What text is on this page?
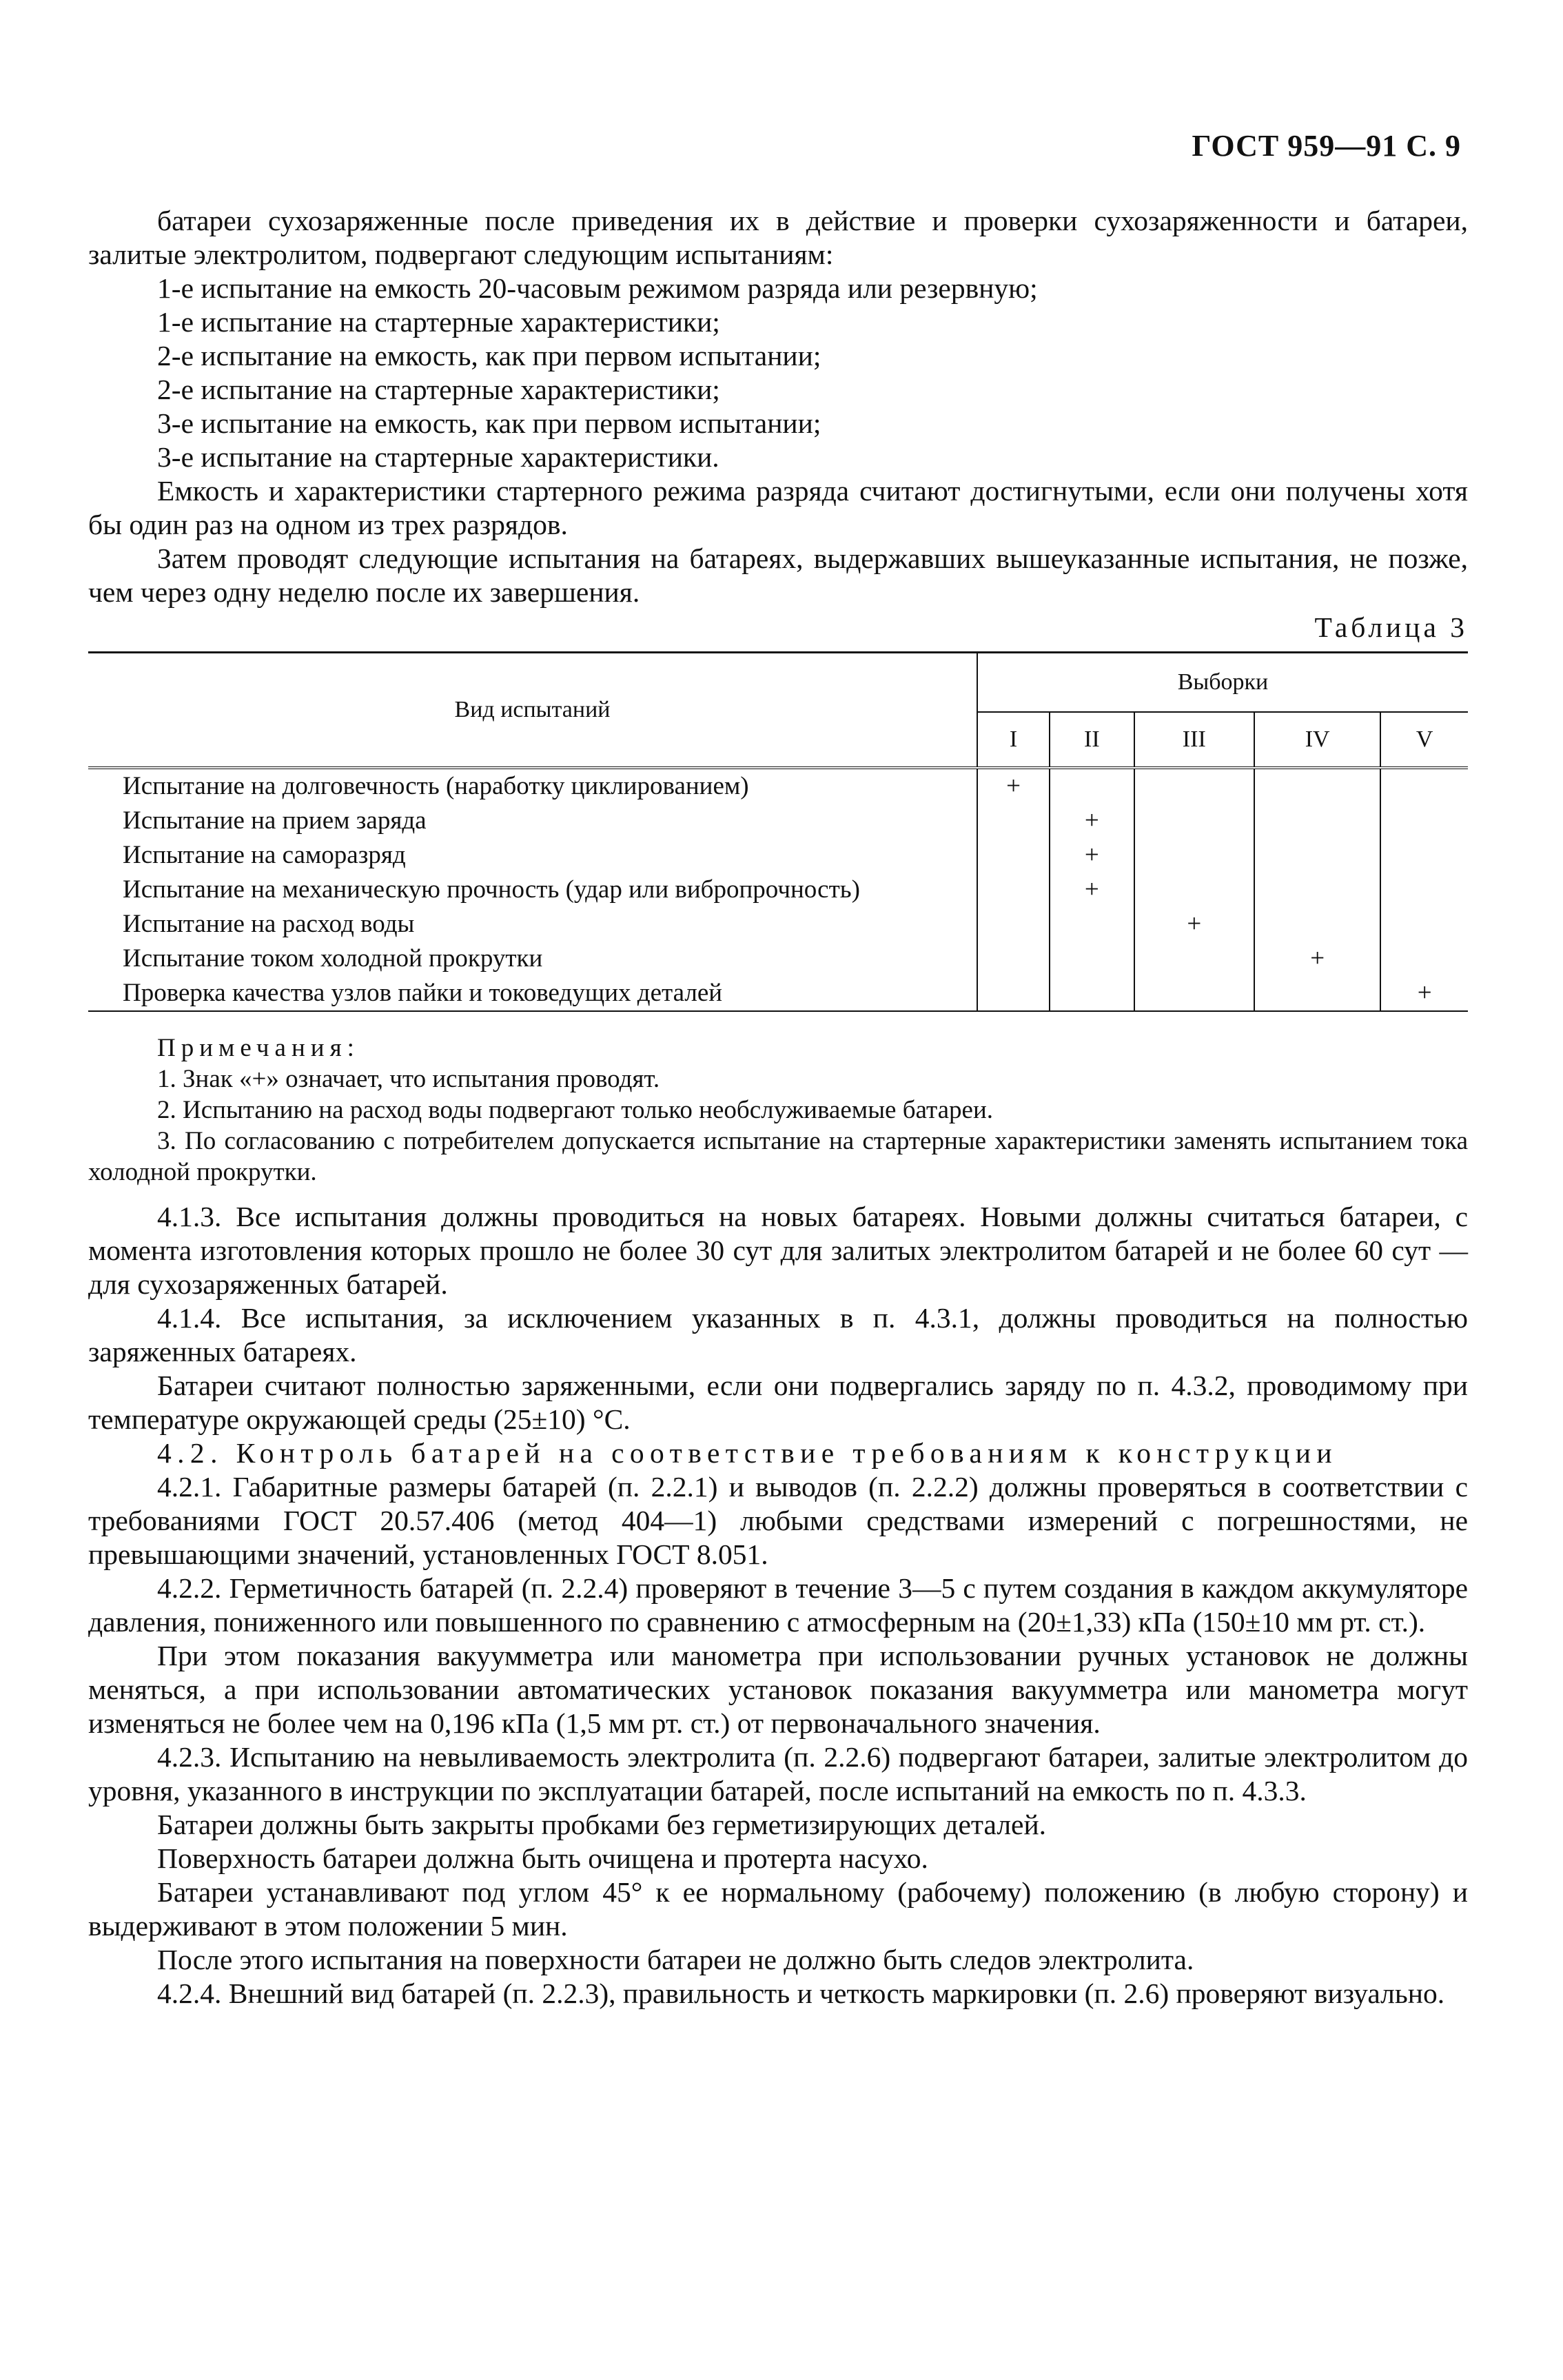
ГОСТ 959—91 С. 9

батареи сухозаряженные после приведения их в действие и проверки сухозаряженности и батареи, залитые электролитом, подвергают следующим испытаниям:

1-е испытание на емкость 20-часовым режимом разряда или резервную;

1-е испытание на стартерные характеристики;

2-е испытание на емкость, как при первом испытании;

2-е испытание на стартерные характеристики;

3-е испытание на емкость, как при первом испытании;

3-е испытание на стартерные характеристики.

Емкость и характеристики стартерного режима разряда считают достигнутыми, если они получены хотя бы один раз на одном из трех разрядов.

Затем проводят следующие испытания на батареях, выдержавших вышеуказанные испытания, не позже, чем через одну неделю после их завершения.

Таблица 3

Вид испытаний	Выборки				
	I	II	III	IV	V
Испытание на долговечность (наработку циклированием)	+				
Испытание на прием заряда		+			
Испытание на саморазряд		+			
Испытание на механическую прочность (удар или вибропрочность)		+			
Испытание на расход воды			+		
Испытание током холодной прокрутки				+	
Проверка качества узлов пайки и токоведущих деталей					+
Примечания:
1. Знак «+» означает, что испытания проводят.
2. Испытанию на расход воды подвергают только необслуживаемые батареи.
3. По согласованию с потребителем допускается испытание на стартерные характеристики заменять испытанием тока холодной прокрутки.

4.1.3. Все испытания должны проводиться на новых батареях. Новыми должны считаться батареи, с момента изготовления которых прошло не более 30 сут для залитых электролитом батарей и не более 60 сут — для сухозаряженных батарей.

4.1.4. Все испытания, за исключением указанных в п. 4.3.1, должны проводиться на полностью заряженных батареях.

Батареи считают полностью заряженными, если они подвергались заряду по п. 4.3.2, проводимому при температуре окружающей среды (25±10) °С.

4.2. Контроль батарей на соответствие требованиям к конструкции

4.2.1. Габаритные размеры батарей (п. 2.2.1) и выводов (п. 2.2.2) должны проверяться в соответствии с требованиями ГОСТ 20.57.406 (метод 404—1) любыми средствами измерений с погрешностями, не превышающими значений, установленных ГОСТ 8.051.

4.2.2. Герметичность батарей (п. 2.2.4) проверяют в течение 3—5 с путем создания в каждом аккумуляторе давления, пониженного или повышенного по сравнению с атмосферным на (20±1,33) кПа (150±10 мм рт. ст.).

При этом показания вакуумметра или манометра при использовании ручных установок не должны меняться, а при использовании автоматических установок показания вакуумметра или манометра могут изменяться не более чем на 0,196 кПа (1,5 мм рт. ст.) от первоначального значения.

4.2.3. Испытанию на невыливаемость электролита (п. 2.2.6) подвергают батареи, залитые электролитом до уровня, указанного в инструкции по эксплуатации батарей, после испытаний на емкость по п. 4.3.3.

Батареи должны быть закрыты пробками без герметизирующих деталей.

Поверхность батареи должна быть очищена и протерта насухо.

Батареи устанавливают под углом 45° к ее нормальному (рабочему) положению (в любую сторону) и выдерживают в этом положении 5 мин.

После этого испытания на поверхности батареи не должно быть следов электролита.

4.2.4. Внешний вид батарей (п. 2.2.3), правильность и четкость маркировки (п. 2.6) проверяют визуально.
